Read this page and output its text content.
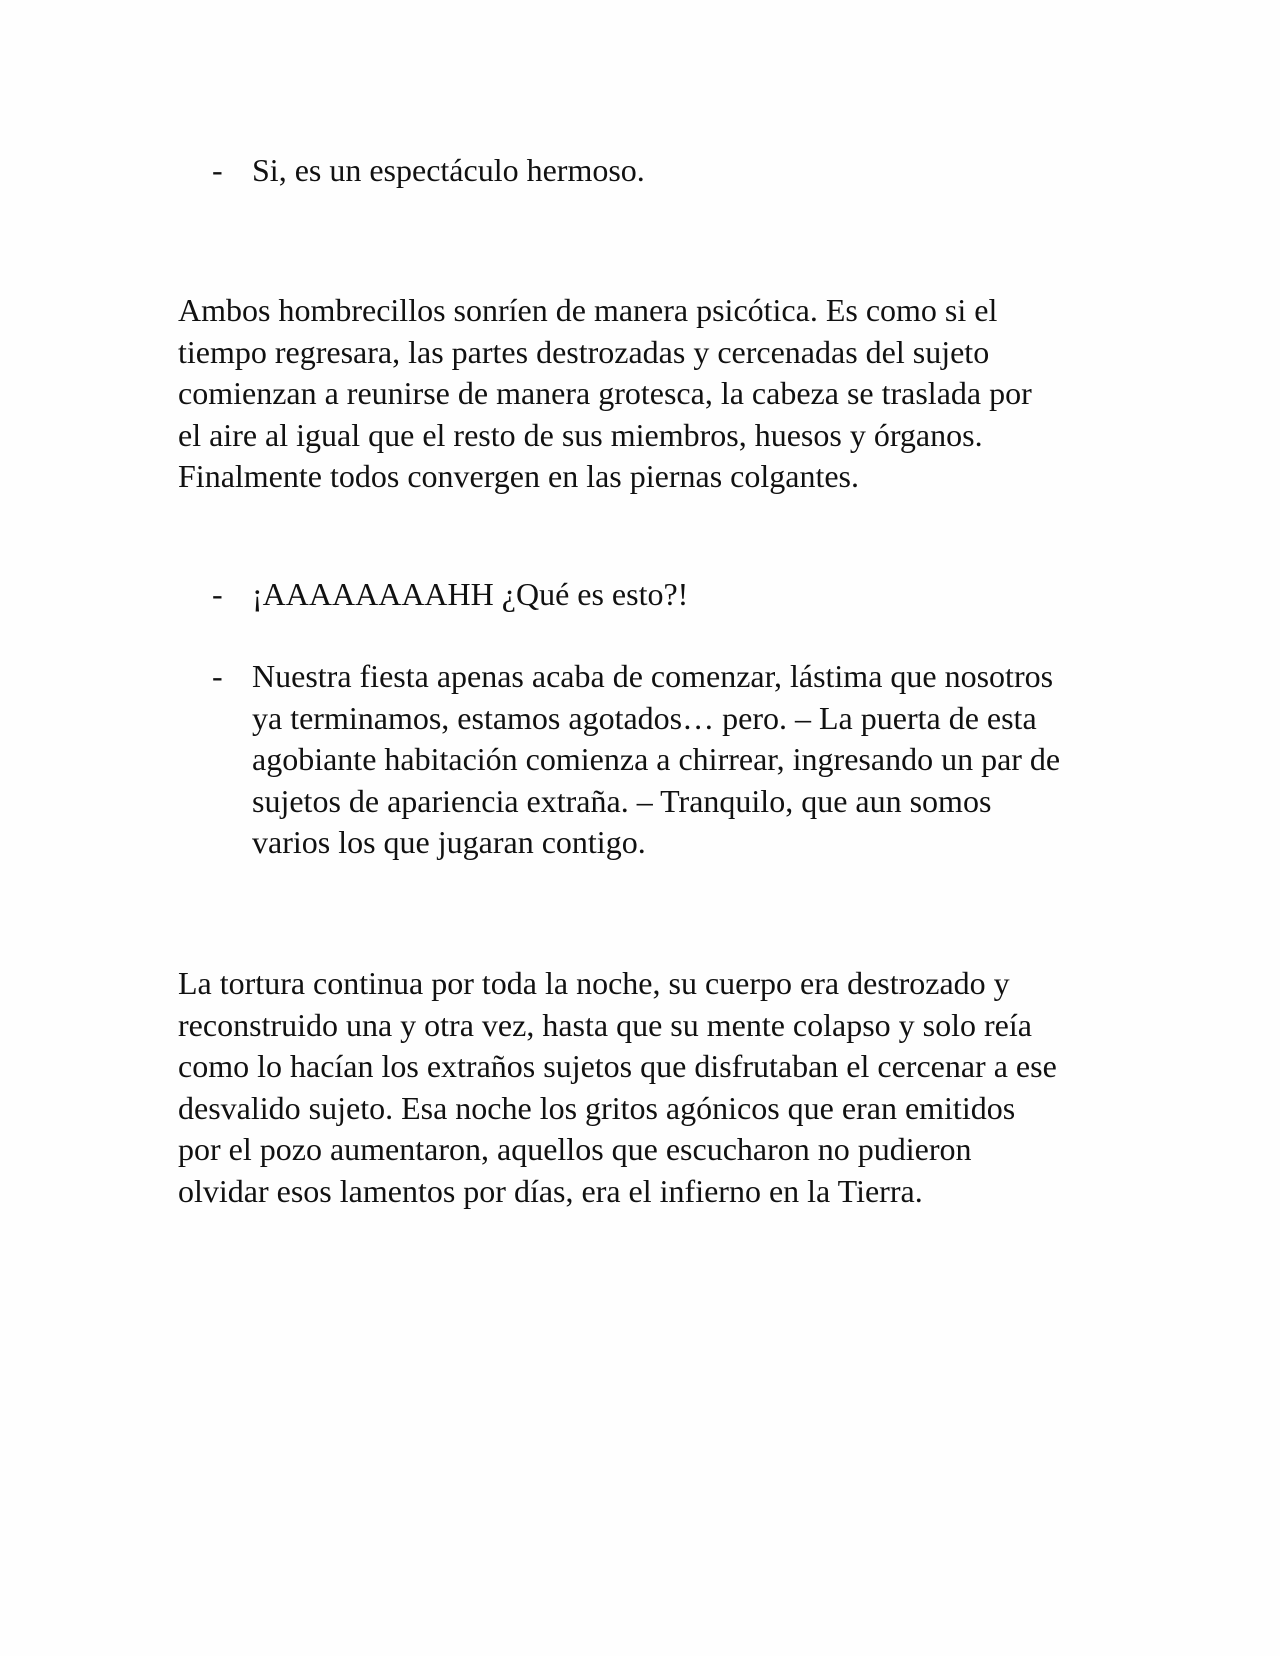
- Si, es un espectáculo hermoso.
Ambos hombrecillos sonríen de manera psicótica. Es como si el
tiempo regresara, las partes destrozadas y cercenadas del sujeto
comienzan a reunirse de manera grotesca, la cabeza se traslada por
el aire al igual que el resto de sus miembros, huesos y órganos.
Finalmente todos convergen en las piernas colgantes.
- ¡AAAAAAAAHH ¿Qué es esto?!
- Nuestra fiesta apenas acaba de comenzar, lástima que nosotros
ya terminamos, estamos agotados… pero. – La puerta de esta
agobiante habitación comienza a chirrear, ingresando un par de
sujetos de apariencia extraña. – Tranquilo, que aun somos
varios los que jugaran contigo.
La tortura continua por toda la noche, su cuerpo era destrozado y
reconstruido una y otra vez, hasta que su mente colapso y solo reía
como lo hacían los extraños sujetos que disfrutaban el cercenar a ese
desvalido sujeto. Esa noche los gritos agónicos que eran emitidos
por el pozo aumentaron, aquellos que escucharon no pudieron
olvidar esos lamentos por días, era el infierno en la Tierra.
